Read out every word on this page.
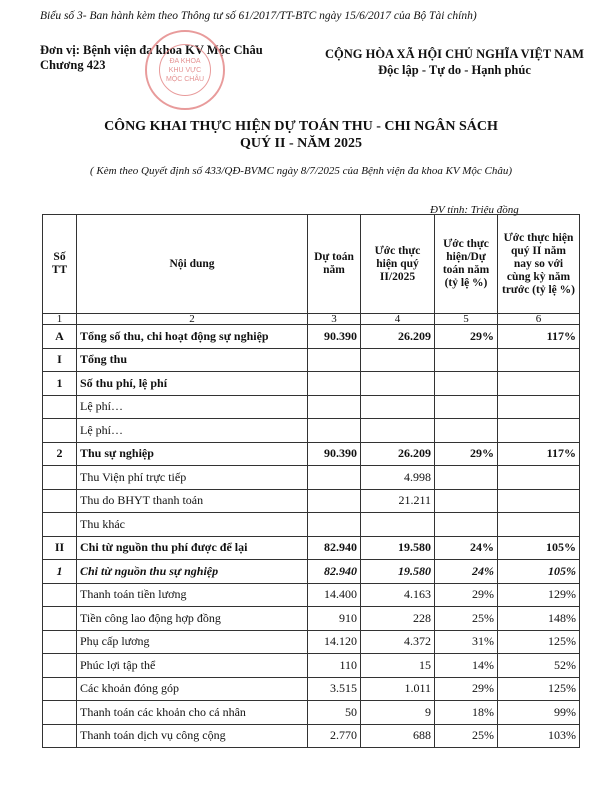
Biểu số 3- Ban hành kèm theo Thông tư số 61/2017/TT-BTC ngày 15/6/2017 của Bộ Tài chính)
Đơn vị: Bệnh viện đa khoa KV Mộc Châu
Chương 423	ĐA KHOA
KHU VỰC
MỘC CHÂU
CỘNG HÒA XÃ HỘI CHỦ NGHĨA VIỆT NAM
Độc lập - Tự do - Hạnh phúc
CÔNG KHAI THỰC HIỆN DỰ TOÁN THU - CHI NGÂN SÁCH
QUÝ II - NĂM 2025
( Kèm theo Quyết định số 433/QĐ-BVMC ngày 8/7/2025 của Bệnh viện đa khoa KV Mộc Châu)
ĐV tính: Triệu đồng
Số TT	Nội dung	Dự toán năm	Ước thực hiện quý II/2025	Ước thực hiện/Dự toán năm (tỷ lệ %)	Ước thực hiện quý II năm nay so với cùng kỳ năm trước (tỷ lệ %)
1	2	3	4	5	6
A	Tổng số thu, chi hoạt động sự nghiệp	90.390	26.209	29%	117%
I	Tổng thu				
1	Số thu phí, lệ phí				
	Lệ phí…				
	Lệ phí…				
2	Thu sự nghiệp	90.390	26.209	29%	117%
	Thu Viện phí trực tiếp		4.998		
	Thu do BHYT thanh toán		21.211		
	Thu khác				
II	Chi từ nguồn thu phí được để lại	82.940	19.580	24%	105%
1	Chi từ nguồn thu sự nghiệp	82.940	19.580	24%	105%
	Thanh toán tiền lương	14.400	4.163	29%	129%
	Tiền công lao động hợp đồng	910	228	25%	148%
	Phụ cấp lương	14.120	4.372	31%	125%
	Phúc lợi tập thể	110	15	14%	52%
	Các khoản đóng góp	3.515	1.011	29%	125%
	Thanh toán các khoản cho cá nhân	50	9	18%	99%
	Thanh toán dịch vụ công cộng	2.770	688	25%	103%
